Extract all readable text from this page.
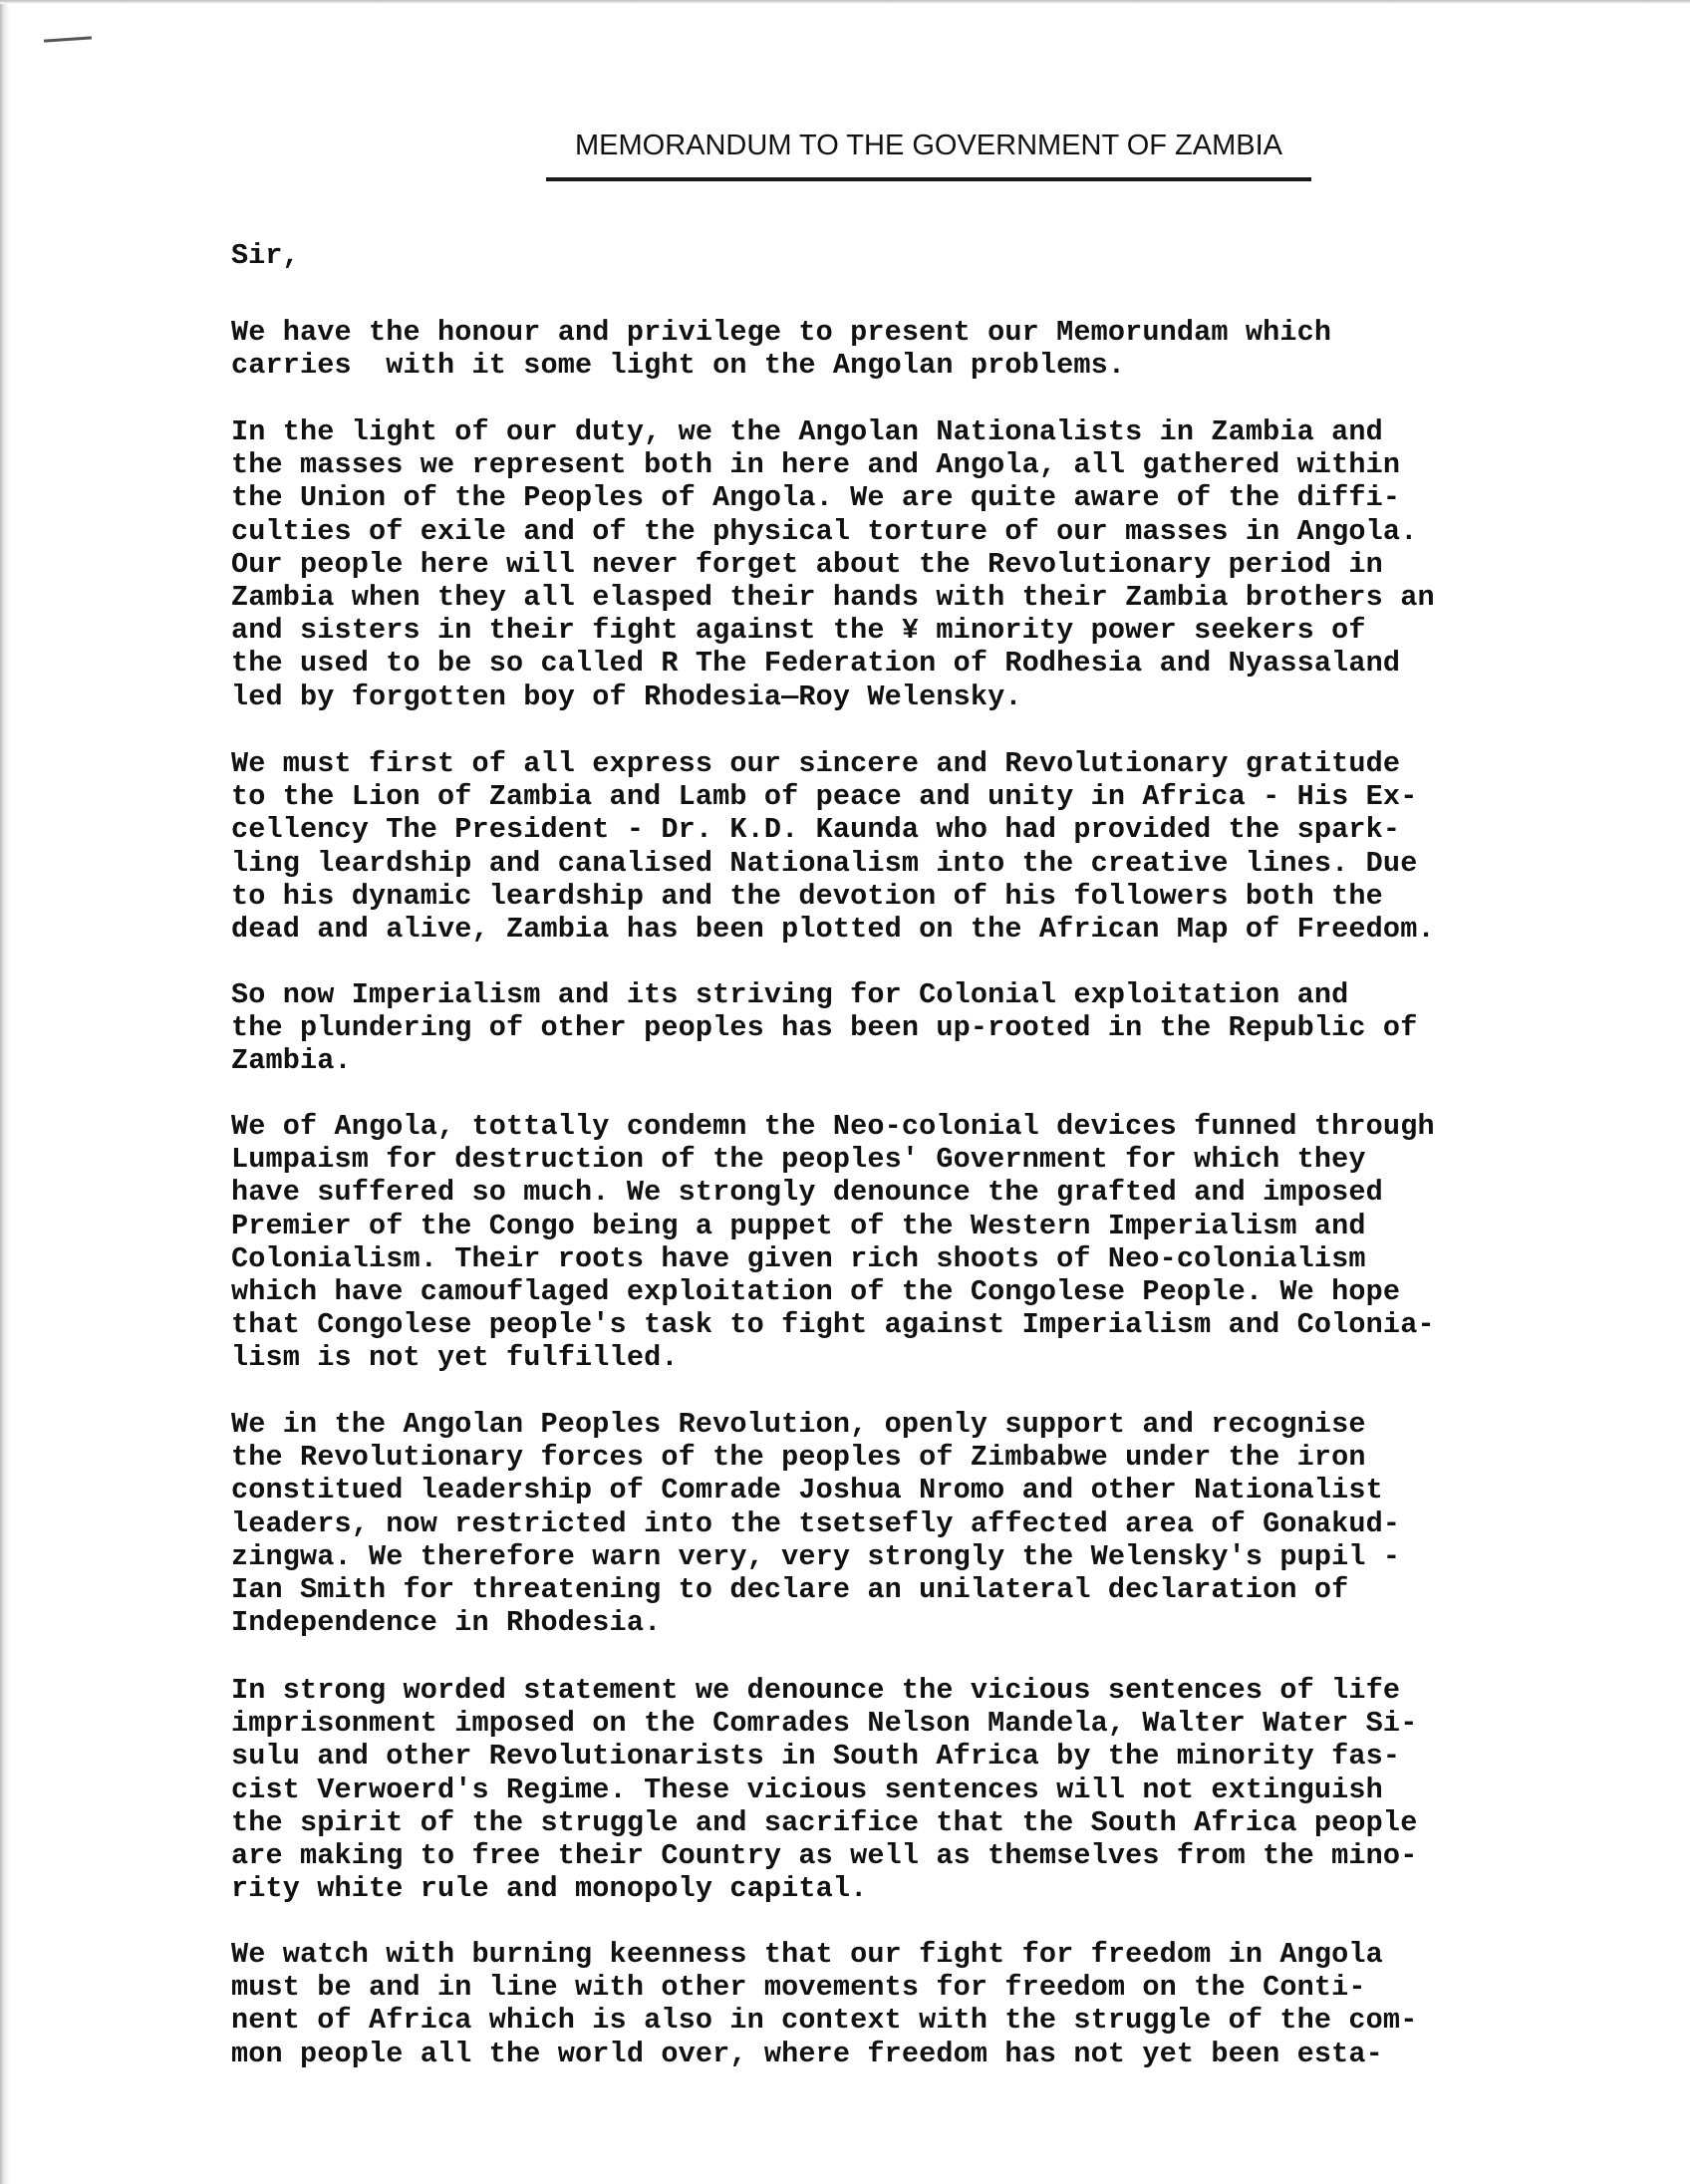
MEMORANDUM TO THE GOVERNMENT OF ZAMBIA
Sir,
We have the honour and privilege to present our Memorundam which
carries  with it some light on the Angolan problems.
In the light of our duty, we the Angolan Nationalists in Zambia and
the masses we represent both in here and Angola, all gathered within
the Union of the Peoples of Angola. We are quite aware of the diffi-
culties of exile and of the physical torture of our masses in Angola.
Our people here will never forget about the Revolutionary period in
Zambia when they all elasped their hands with their Zambia brothers an
and sisters in their fight against the ¥ minority power seekers of
the used to be so called R The Federation of Rodhesia and Nyassaland
led by forgotten boy of Rhodesia—Roy Welensky.
We must first of all express our sincere and Revolutionary gratitude
to the Lion of Zambia and Lamb of peace and unity in Africa - His Ex-
cellency The President - Dr. K.D. Kaunda who had provided the spark-
ling leardship and canalised Nationalism into the creative lines. Due
to his dynamic leardship and the devotion of his followers both the
dead and alive, Zambia has been plotted on the African Map of Freedom.
So now Imperialism and its striving for Colonial exploitation and
the plundering of other peoples has been up-rooted in the Republic of
Zambia.
We of Angola, tottally condemn the Neo-colonial devices funned through
Lumpaism for destruction of the peoples' Government for which they
have suffered so much. We strongly denounce the grafted and imposed
Premier of the Congo being a puppet of the Western Imperialism and
Colonialism. Their roots have given rich shoots of Neo-colonialism
which have camouflaged exploitation of the Congolese People. We hope
that Congolese people's task to fight against Imperialism and Colonia-
lism is not yet fulfilled.
We in the Angolan Peoples Revolution, openly support and recognise
the Revolutionary forces of the peoples of Zimbabwe under the iron
constitued leadership of Comrade Joshua Nromo and other Nationalist
leaders, now restricted into the tsetsefly affected area of Gonakud-
zingwa. We therefore warn very, very strongly the Welensky's pupil -
Ian Smith for threatening to declare an unilateral declaration of
Independence in Rhodesia.
In strong worded statement we denounce the vicious sentences of life
imprisonment imposed on the Comrades Nelson Mandela, Walter Water Si-
sulu and other Revolutionarists in South Africa by the minority fas-
cist Verwoerd's Regime. These vicious sentences will not extinguish
the spirit of the struggle and sacrifice that the South Africa people
are making to free their Country as well as themselves from the mino-
rity white rule and monopoly capital.
We watch with burning keenness that our fight for freedom in Angola
must be and in line with other movements for freedom on the Conti-
nent of Africa which is also in context with the struggle of the com-
mon people all the world over, where freedom has not yet been esta-
